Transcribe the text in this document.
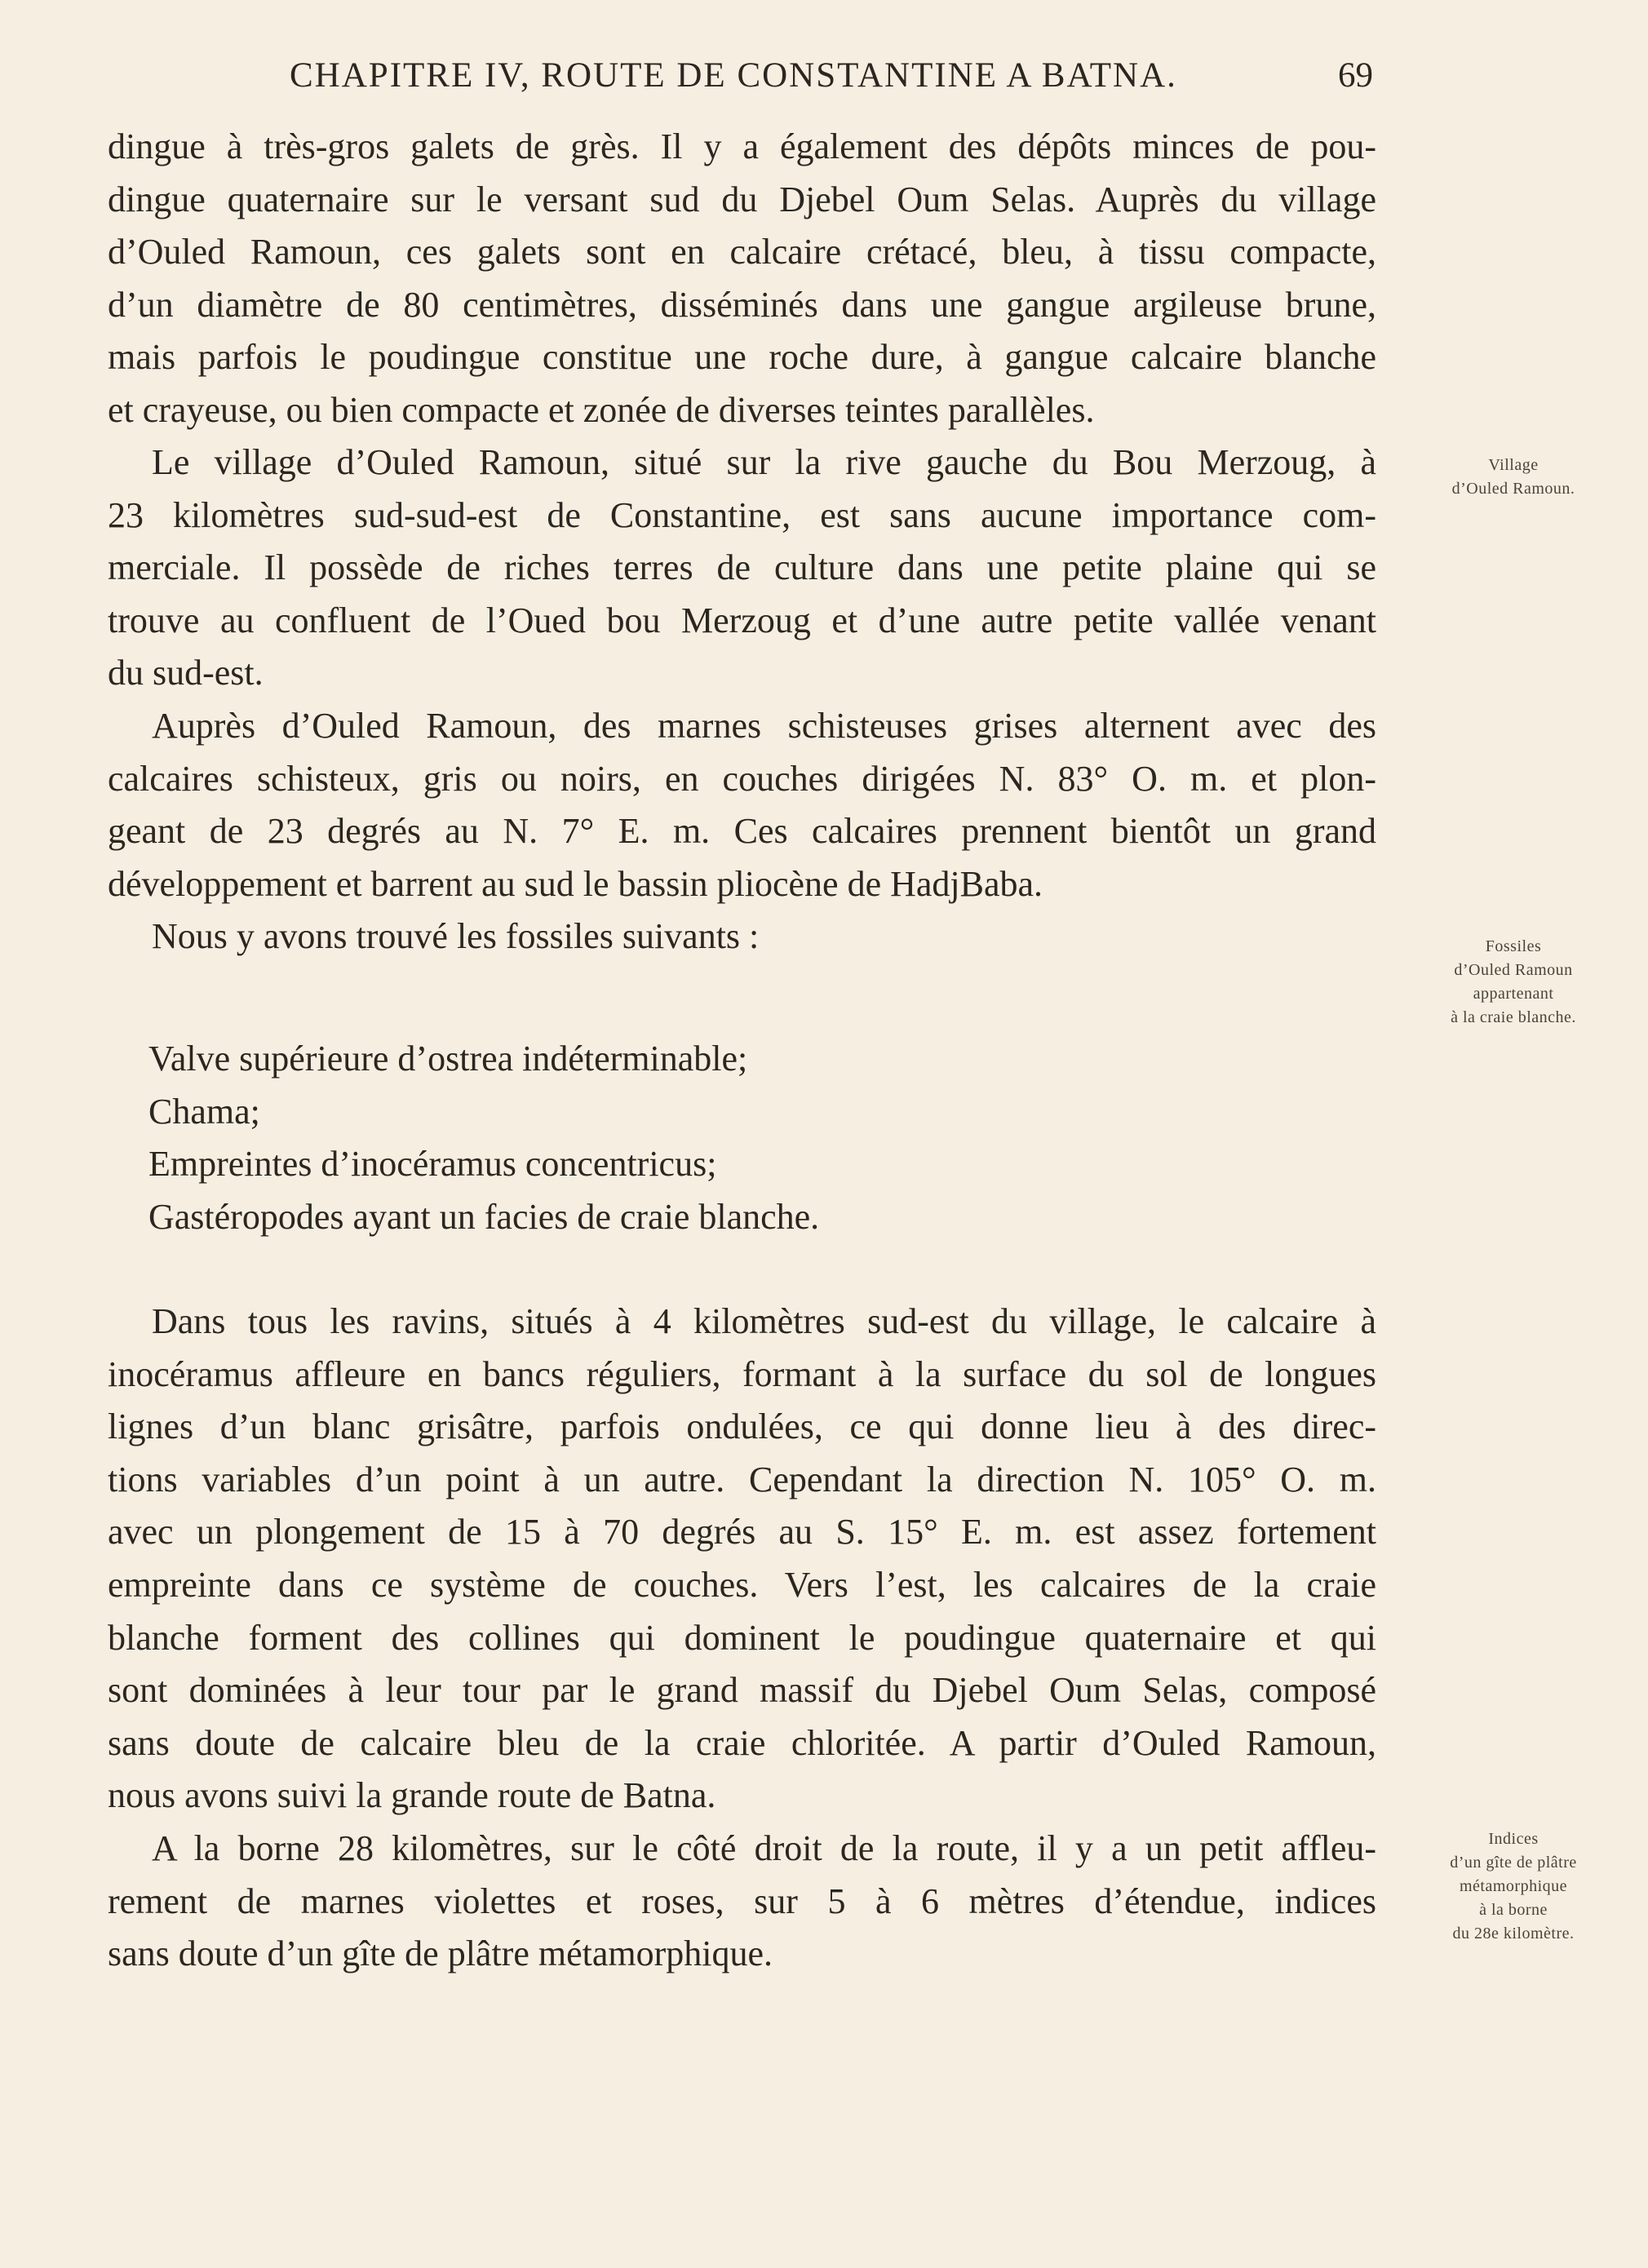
CHAPITRE IV, ROUTE DE CONSTANTINE A BATNA.	69
dingue à très-gros galets de grès. Il y a également des dépôts minces de pou-
dingue quaternaire sur le versant sud du Djebel Oum Selas. Auprès du village
d’Ouled Ramoun, ces galets sont en calcaire crétacé, bleu, à tissu compacte,
d’un diamètre de 80 centimètres, disséminés dans une gangue argileuse brune,
mais parfois le poudingue constitue une roche dure, à gangue calcaire blanche
et crayeuse, ou bien compacte et zonée de diverses teintes parallèles.
Le village d’Ouled Ramoun, situé sur la rive gauche du Bou Merzoug, à
23 kilomètres sud-sud-est de Constantine, est sans aucune importance com-
merciale. Il possède de riches terres de culture dans une petite plaine qui se
trouve au confluent de l’Oued bou Merzoug et d’une autre petite vallée venant
du sud-est.
Auprès d’Ouled Ramoun, des marnes schisteuses grises alternent avec des
calcaires schisteux, gris ou noirs, en couches dirigées N. 83° O. m. et plon-
geant de 23 degrés au N. 7° E. m. Ces calcaires prennent bientôt un grand
développement et barrent au sud le bassin pliocène de HadjBaba.
Nous y avons trouvé les fossiles suivants :
Valve supérieure d’ostrea indéterminable;
Chama;
Empreintes d’inocéramus concentricus;
Gastéropodes ayant un facies de craie blanche.
Dans tous les ravins, situés à 4 kilomètres sud-est du village, le calcaire à
inocéramus affleure en bancs réguliers, formant à la surface du sol de longues
lignes d’un blanc grisâtre, parfois ondulées, ce qui donne lieu à des direc-
tions variables d’un point à un autre. Cependant la direction N. 105° O. m.
avec un plongement de 15 à 70 degrés au S. 15° E. m. est assez fortement
empreinte dans ce système de couches. Vers l’est, les calcaires de la craie
blanche forment des collines qui dominent le poudingue quaternaire et qui
sont dominées à leur tour par le grand massif du Djebel Oum Selas, composé
sans doute de calcaire bleu de la craie chloritée. A partir d’Ouled Ramoun,
nous avons suivi la grande route de Batna.
A la borne 28 kilomètres, sur le côté droit de la route, il y a un petit affleu-
rement de marnes violettes et roses, sur 5 à 6 mètres d’étendue, indices
sans doute d’un gîte de plâtre métamorphique.
Village
d’Ouled Ramoun.
Fossiles
d’Ouled Ramoun
appartenant
à la craie blanche.
Indices
d’un gîte de plâtre
métamorphique
à la borne
du 28e kilomètre.
